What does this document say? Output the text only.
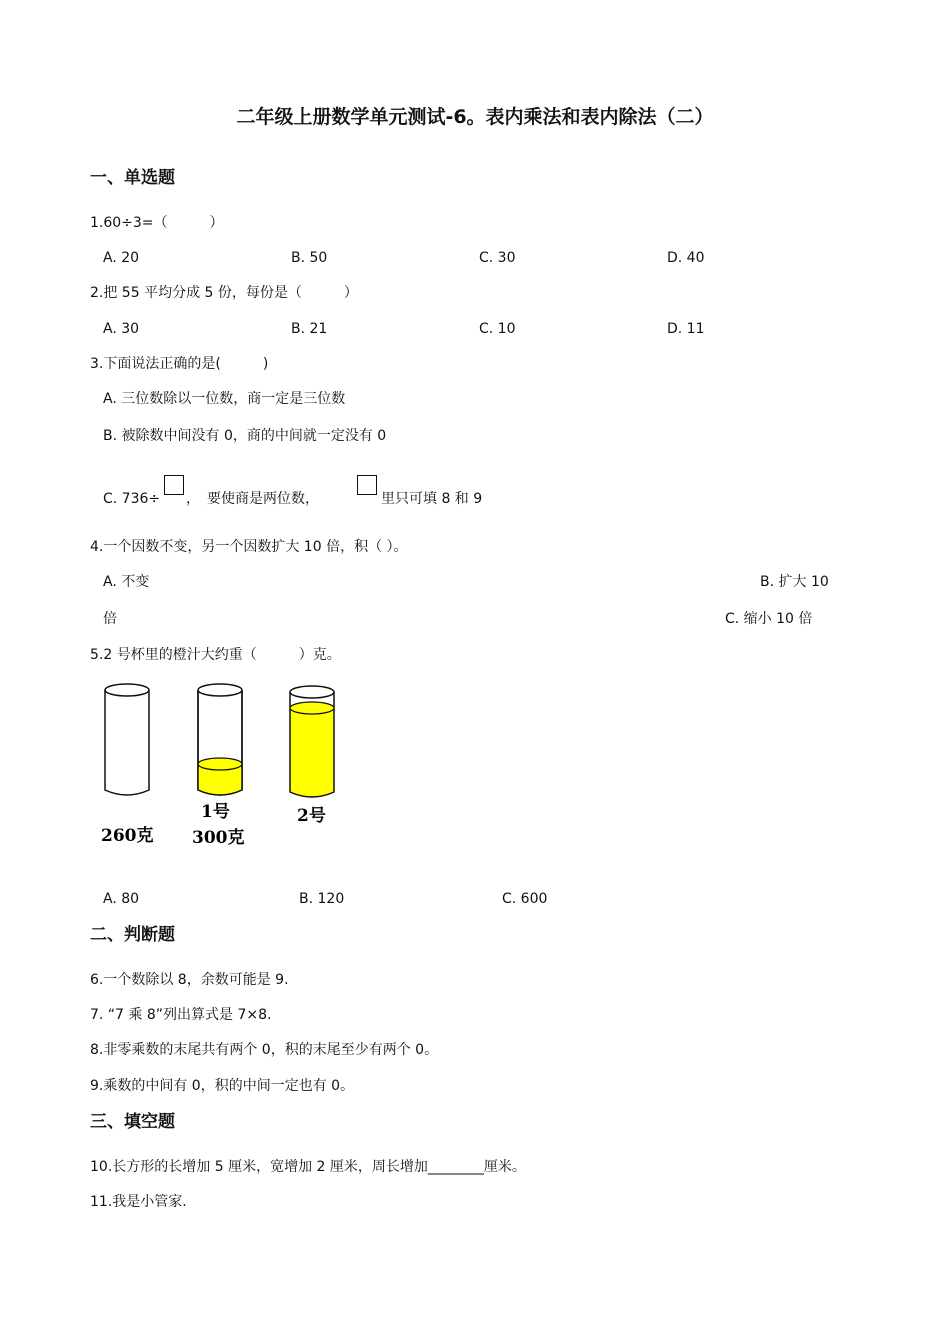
二年级上册数学单元测试-6。表内乘法和表内除法（二）
一、单选题
1.60÷3=（　　　）
A. 20	B. 50	C. 30	D. 40
2.把 55 平均分成 5 份，每份是（　　　）
A. 30	B. 21	C. 10	D. 11
3.下面说法正确的是(　　　)
A. 三位数除以一位数，商一定是三位数
B. 被除数中间没有 0，商的中间就一定没有 0
C. 736÷ ，　要使商是两位数，	里只可填 8 和 9
4.一个因数不变，另一个因数扩大 10 倍，积（ ）。
A. 不变	B. 扩大 10
倍	C. 缩小 10 倍
5.2 号杯里的橙汁大约重（　　　）克。
260克
1号
300克
2号
A. 80	B. 120	C. 600
二、判断题
6.一个数除以 8，余数可能是 9.
7. “7 乘 8”列出算式是 7×8.
8.非零乘数的末尾共有两个 0，积的末尾至少有两个 0。
9.乘数的中间有 0，积的中间一定也有 0。
三、填空题
10.长方形的长增加 5 厘米，宽增加 2 厘米，周长增加________厘米。
11.我是小管家.
